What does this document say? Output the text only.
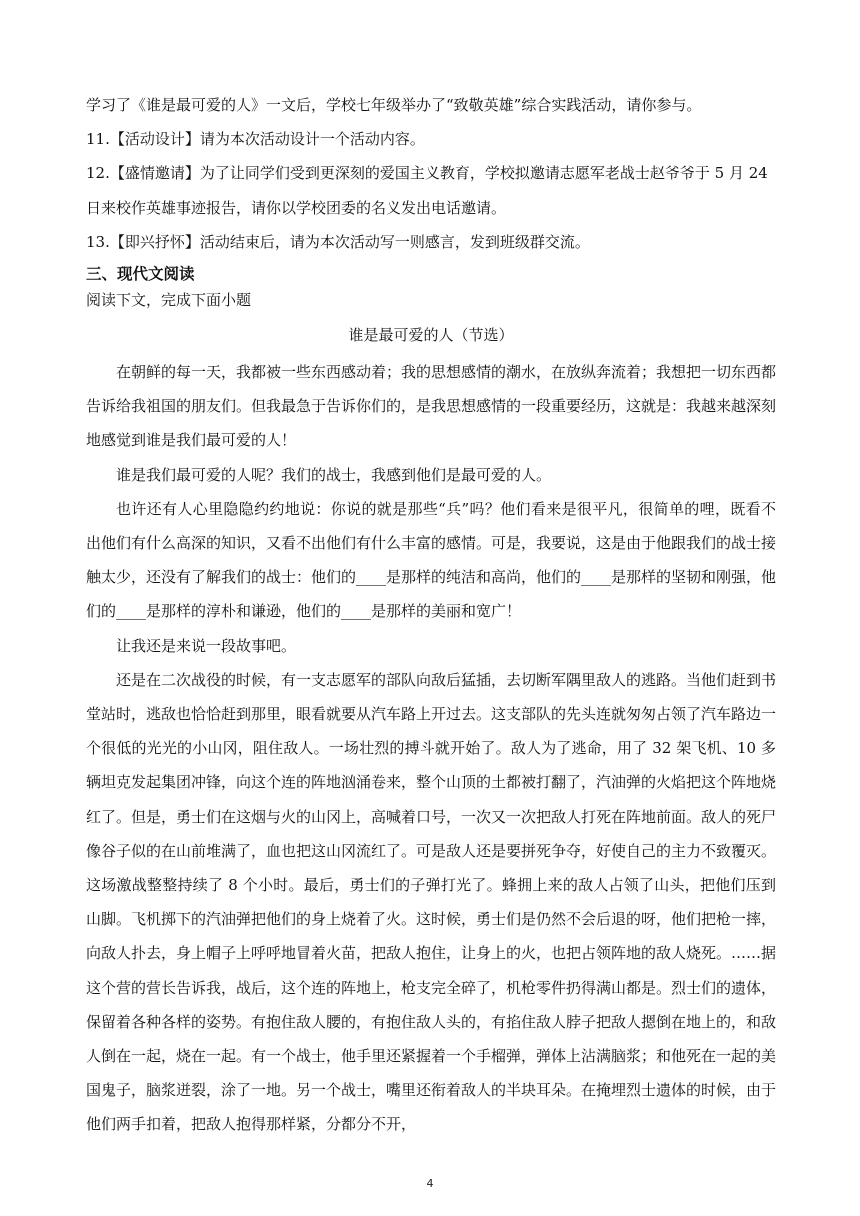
学习了《谁是最可爱的人》一文后，学校七年级举办了“致敬英雄”综合实践活动，请你参与。

11.【活动设计】请为本次活动设计一个活动内容。

12.【盛情邀请】为了让同学们受到更深刻的爱国主义教育，学校拟邀请志愿军老战士赵爷爷于 5 月 24 日来校作英雄事迹报告，请你以学校团委的名义发出电话邀请。

13.【即兴抒怀】活动结束后，请为本次活动写一则感言，发到班级群交流。

三、现代文阅读

阅读下文，完成下面小题

谁是最可爱的人（节选）

在朝鲜的每一天，我都被一些东西感动着；我的思想感情的潮水，在放纵奔流着；我想把一切东西都告诉给我祖国的朋友们。但我最急于告诉你们的，是我思想感情的一段重要经历，这就是：我越来越深刻地感觉到谁是我们最可爱的人！

谁是我们最可爱的人呢？我们的战士，我感到他们是最可爱的人。

也许还有人心里隐隐约约地说：你说的就是那些“兵”吗？他们看来是很平凡，很简单的哩，既看不出他们有什么高深的知识，又看不出他们有什么丰富的感情。可是，我要说，这是由于他跟我们的战士接触太少，还没有了解我们的战士：他们的____是那样的纯洁和高尚，他们的____是那样的坚韧和刚强，他们的____是那样的淳朴和谦逊，他们的____是那样的美丽和宽广！

让我还是来说一段故事吧。

还是在二次战役的时候，有一支志愿军的部队向敌后猛插，去切断军隅里敌人的逃路。当他们赶到书堂站时，逃敌也恰恰赶到那里，眼看就要从汽车路上开过去。这支部队的先头连就匆匆占领了汽车路边一个很低的光光的小山冈，阻住敌人。一场壮烈的搏斗就开始了。敌人为了逃命，用了 32 架飞机、10 多辆坦克发起集团冲锋，向这个连的阵地汹涌卷来，整个山顶的土都被打翻了，汽油弹的火焰把这个阵地烧红了。但是，勇士们在这烟与火的山冈上，高喊着口号，一次又一次把敌人打死在阵地前面。敌人的死尸像谷子似的在山前堆满了，血也把这山冈流红了。可是敌人还是要拼死争夺，好使自己的主力不致覆灭。这场激战整整持续了 8 个小时。最后，勇士们的子弹打光了。蜂拥上来的敌人占领了山头，把他们压到山脚。飞机掷下的汽油弹把他们的身上烧着了火。这时候，勇士们是仍然不会后退的呀，他们把枪一摔，向敌人扑去，身上帽子上呼呼地冒着火苗，把敌人抱住，让身上的火，也把占领阵地的敌人烧死。……据这个营的营长告诉我，战后，这个连的阵地上，枪支完全碎了，机枪零件扔得满山都是。烈士们的遗体，保留着各种各样的姿势。有抱住敌人腰的，有抱住敌人头的，有掐住敌人脖子把敌人摁倒在地上的，和敌人倒在一起，烧在一起。有一个战士，他手里还紧握着一个手榴弹，弹体上沾满脑浆；和他死在一起的美国鬼子，脑浆迸裂，涂了一地。另一个战士，嘴里还衔着敌人的半块耳朵。在掩埋烈士遗体的时候，由于他们两手扣着，把敌人抱得那样紧，分都分不开，

4
